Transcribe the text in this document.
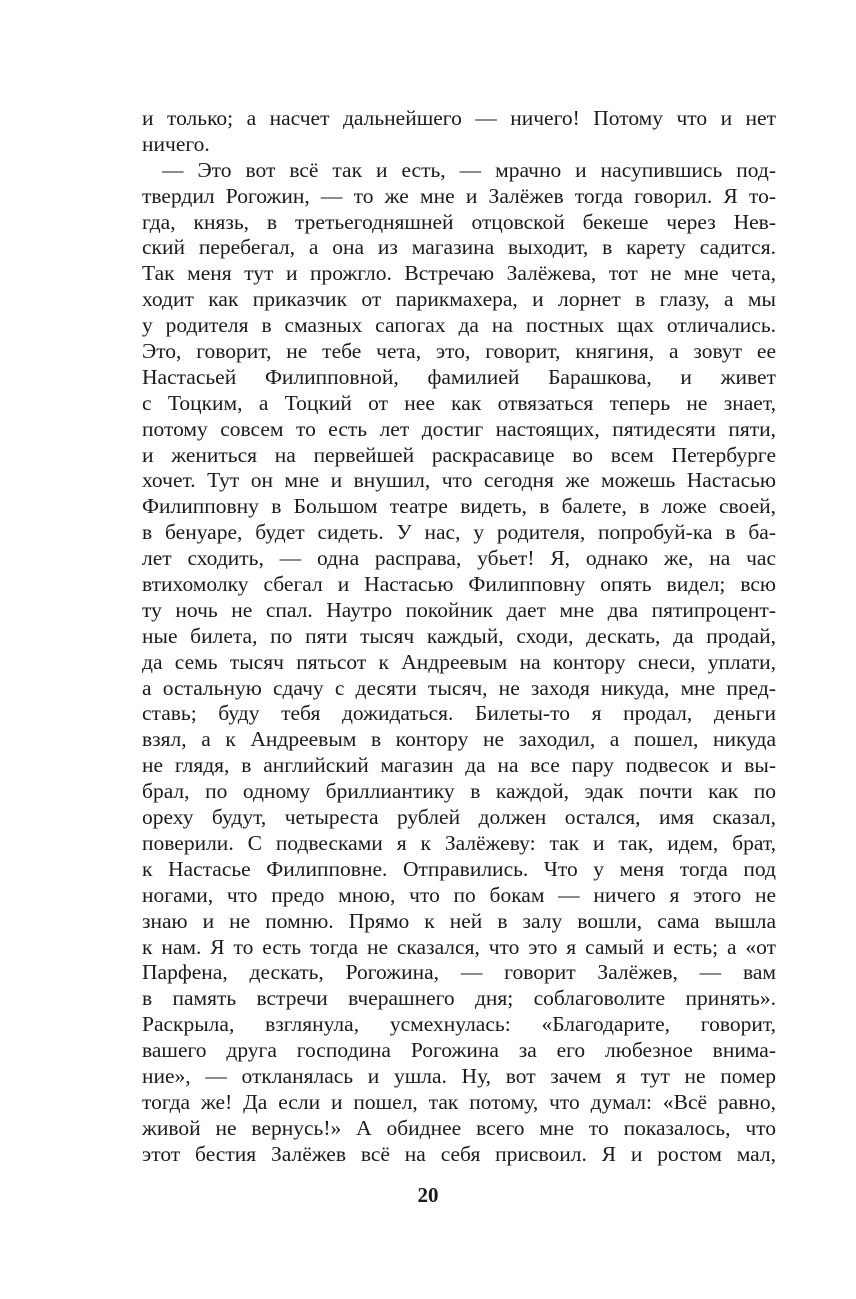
и только; а насчет дальнейшего — ничего! Потому что и нет
ничего.
— Это вот всё так и есть, — мрачно и насупившись под-
твердил Рогожин, — то же мне и Залёжев тогда говорил. Я то-
гда, князь, в третьегодняшней отцовской бекеше через Нев-
ский перебегал, а она из магазина выходит, в карету садится.
Так меня тут и прожгло. Встречаю Залёжева, тот не мне чета,
ходит как приказчик от парикмахера, и лорнет в глазу, а мы
у родителя в смазных сапогах да на постных щах отличались.
Это, говорит, не тебе чета, это, говорит, княгиня, а зовут ее
Настасьей Филипповной, фамилией Барашкова, и живет
с Тоцким, а Тоцкий от нее как отвязаться теперь не знает,
потому совсем то есть лет достиг настоящих, пятидесяти пяти,
и жениться на первейшей раскрасавице во всем Петербурге
хочет. Тут он мне и внушил, что сегодня же можешь Настасью
Филипповну в Большом театре видеть, в балете, в ложе своей,
в бенуаре, будет сидеть. У нас, у родителя, попробуй-ка в ба-
лет сходить, — одна расправа, убьет! Я, однако же, на час
втихомолку сбегал и Настасью Филипповну опять видел; всю
ту ночь не спал. Наутро покойник дает мне два пятипроцент-
ные билета, по пяти тысяч каждый, сходи, дескать, да продай,
да семь тысяч пятьсот к Андреевым на контору снеси, уплати,
а остальную сдачу с десяти тысяч, не заходя никуда, мне пред-
ставь; буду тебя дожидаться. Билеты-то я продал, деньги
взял, а к Андреевым в контору не заходил, а пошел, никуда
не глядя, в английский магазин да на все пару подвесок и вы-
брал, по одному бриллиантику в каждой, эдак почти как по
ореху будут, четыреста рублей должен остался, имя сказал,
поверили. С подвесками я к Залёжеву: так и так, идем, брат,
к Настасье Филипповне. Отправились. Что у меня тогда под
ногами, что предо мною, что по бокам — ничего я этого не
знаю и не помню. Прямо к ней в залу вошли, сама вышла
к нам. Я то есть тогда не сказался, что это я самый и есть; а «от
Парфена, дескать, Рогожина, — говорит Залёжев, — вам
в память встречи вчерашнего дня; соблаговолите принять».
Раскрыла, взглянула, усмехнулась: «Благодарите, говорит,
вашего друга господина Рогожина за его любезное внима-
ние», — откланялась и ушла. Ну, вот зачем я тут не помер
тогда же! Да если и пошел, так потому, что думал: «Всё равно,
живой не вернусь!» А обиднее всего мне то показалось, что
этот бестия Залёжев всё на себя присвоил. Я и ростом мал,
20
